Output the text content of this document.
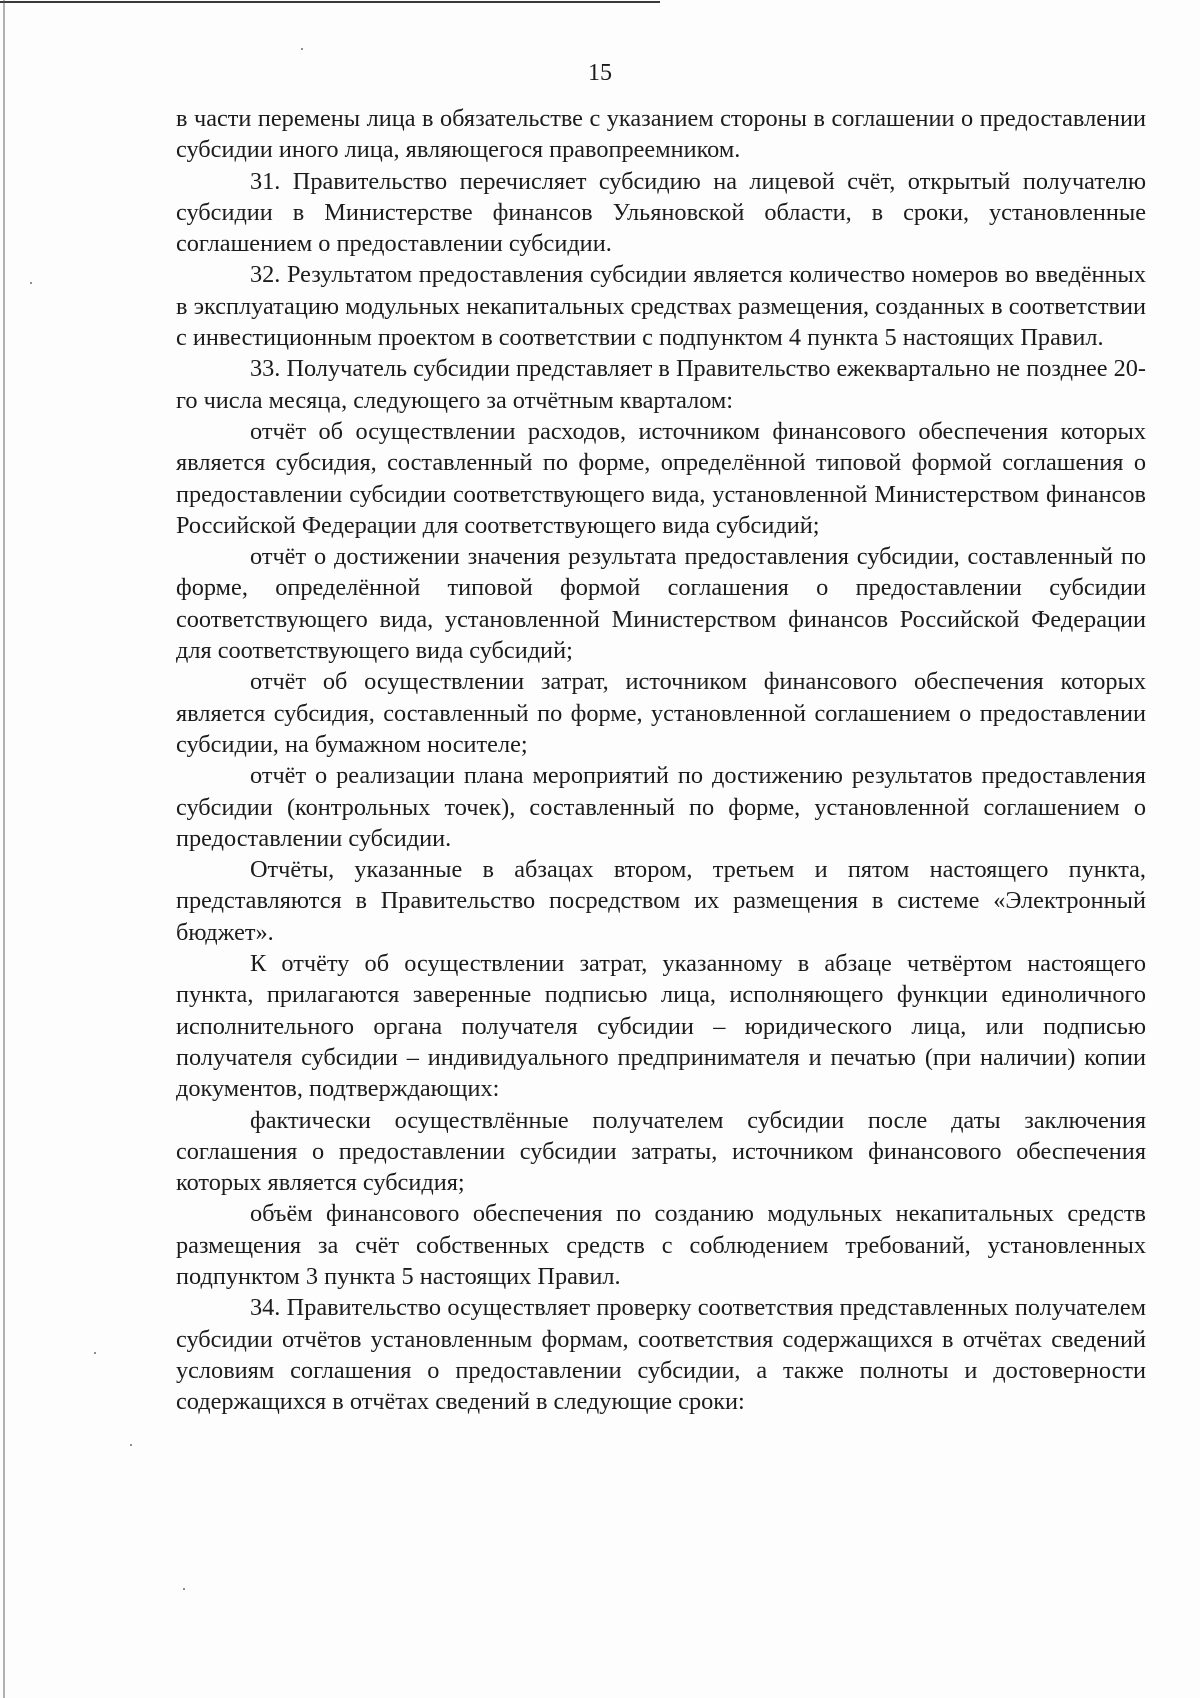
15

в части перемены лица в обязательстве с указанием стороны в соглашении о предоставлении субсидии иного лица, являющегося правопреемником.

31. Правительство перечисляет субсидию на лицевой счёт, открытый получателю субсидии в Министерстве финансов Ульяновской области, в сроки, установленные соглашением о предоставлении субсидии.

32. Результатом предоставления субсидии является количество номеров во введённых в эксплуатацию модульных некапитальных средствах размещения, созданных в соответствии с инвестиционным проектом в соответствии с подпунктом 4 пункта 5 настоящих Правил.

33. Получатель субсидии представляет в Правительство ежеквартально не позднее 20-го числа месяца, следующего за отчётным кварталом:

отчёт об осуществлении расходов, источником финансового обеспечения которых является субсидия, составленный по форме, определённой типовой формой соглашения о предоставлении субсидии соответствующего вида, установленной Министерством финансов Российской Федерации для соответствующего вида субсидий;

отчёт о достижении значения результата предоставления субсидии, составленный по форме, определённой типовой формой соглашения о предоставлении субсидии соответствующего вида, установленной Министерством финансов Российской Федерации для соответствующего вида субсидий;

отчёт об осуществлении затрат, источником финансового обеспечения которых является субсидия, составленный по форме, установленной соглашением о предоставлении субсидии, на бумажном носителе;

отчёт о реализации плана мероприятий по достижению результатов предоставления субсидии (контрольных точек), составленный по форме, установленной соглашением о предоставлении субсидии.

Отчёты, указанные в абзацах втором, третьем и пятом настоящего пункта, представляются в Правительство посредством их размещения в системе «Электронный бюджет».

К отчёту об осуществлении затрат, указанному в абзаце четвёртом настоящего пункта, прилагаются заверенные подписью лица, исполняющего функции единоличного исполнительного органа получателя субсидии – юридического лица, или подписью получателя субсидии – индивидуального предпринимателя и печатью (при наличии) копии документов, подтверждающих:

фактически осуществлённые получателем субсидии после даты заключения соглашения о предоставлении субсидии затраты, источником финансового обеспечения которых является субсидия;

объём финансового обеспечения по созданию модульных некапитальных средств размещения за счёт собственных средств с соблюдением требований, установленных подпунктом 3 пункта 5 настоящих Правил.

34. Правительство осуществляет проверку соответствия представленных получателем субсидии отчётов установленным формам, соответствия содержащихся в отчётах сведений условиям соглашения о предоставлении субсидии, а также полноты и достоверности содержащихся в отчётах сведений в следующие сроки:
